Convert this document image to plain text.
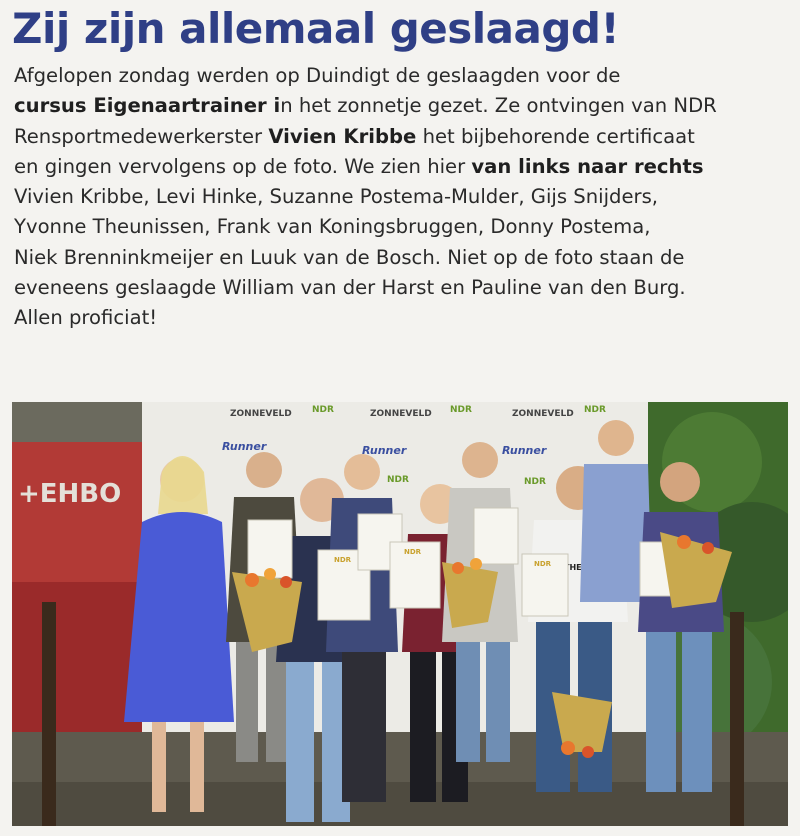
Zij zijn allemaal geslaagd!
Afgelopen zondag werden op Duindigt de geslaagden voor de
cursus Eigenaartrainer in het zonnetje gezet. Ze ontvingen van NDR
Rensportmedewerkerster Vivien Kribbe het bijbehorende certificaat
en gingen vervolgens op de foto. We zien hier van links naar rechts
Vivien Kribbe, Levi Hinke, Suzanne Postema-Mulder, Gijs Snijders,
Yvonne Theunissen, Frank van Koningsbruggen, Donny Postema,
Niek Brenninkmeijer en Luuk van de Bosch. Niet op de foto staan de
eveneens geslaagde William van der Harst en Pauline van den Burg.
Allen proficiat!
+EHBO
ZONNEVELD NDR	ZONNEVELD NDR	ZONNEVELD NDR
Runner	Runner	Runner
NDR	NDR
THE
NDR
NDR
NDR
